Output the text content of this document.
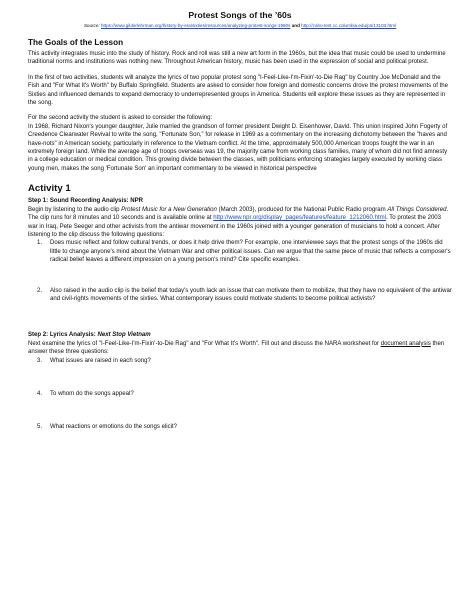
Protest Songs of the ’60s
Source: https://www.gilderlehrman.org/history-by-era/sixties/resources/analyzing-protest-songs-1960s and http://caho-test.cc.columbia.edu/ps/13103.html
The Goals of the Lesson

This activity integrates music into the study of history. Rock and roll was still a new art form in the 1960s, but the idea that music could be used to undermine traditional norms and institutions was nothing new. Throughout American history, music has been used in the expression of social and political protest.

In the first of two activities, students will analyze the lyrics of two popular protest song "I-Feel-Like-I'm-Fixin'-to-Die Rag" by Country Joe McDonald and the Fish and "For What It's Worth" by Buffalo Springfield. Students are asked to consider how foreign and domestic concerns drove the protest movements of the Sixties and influenced demands to expand democracy to underrepresented groups in America. Students will explore these issues as they are represented in the song.

For the second activity the student is asked to consider the following:

In 1968, Richard Nixon's younger daughter, Julie married the grandson of former president Dwight D. Eisenhower, David. This union inspired John Fogerty of Creedence Clearwater Revival to write the song, "Fortunate Son," for release in 1969 as a commentary on the increasing dichotomy between the "haves and have-nots" in American society, particularly in reference to the Vietnam conflict. At the time, approximately 500,000 American troops fought the war in an extremely foreign land. While the average age of troops overseas was 19, the majority came from working class families, many of whom did not find amnesty in a college education or medical condition. This growing divide between the classes, with politicians enforcing strategies largely executed by working class young men, makes the song 'Fortunate Son' an important commentary to be viewed in historical perspective

Activity 1

Step 1: Sound Recording Analysis: NPR

Begin by listening to the audio clip Protest Music for a New Generation (March 2003), produced for the National Public Radio program All Things Considered. The clip runs for 8 minutes and 10 seconds and is available online at http://www.npr.org/display_pages/features/feature_1212060.html. To protest the 2003 war in Iraq, Pete Seeger and other activists from the antiwar movement in the 1960s joined with a younger generation of musicians to hold a concert. After listening to the clip discuss the following questions:

1. Does music reflect and follow cultural trends, or does it help drive them? For example, one interviewee says that the protest songs of the 1960s did little to change anyone's mind about the Vietnam War and other political issues. Can we argue that the same piece of music that reflects a composer's radical belief leaves a different impression on a young person's mind? Cite specific examples.
2. Also raised in the audio clip is the belief that today's youth lack an issue that can motivate them to mobilize, that they have no equivalent of the antiwar and civil-rights movements of the sixties. What contemporary issues could motivate students to become political activists?

Step 2: Lyrics Analysis: Next Stop Vietnam

Next examine the lyrics of "I-Feel-Like-I'm-Fixin'-to-Die Rag" and "For What It's Worth". Fill out and discuss the NARA worksheet for document analysis then answer these three questions:

3. What issues are raised in each song?
4. To whom do the songs appeal?
5. What reactions or emotions do the songs elicit?
